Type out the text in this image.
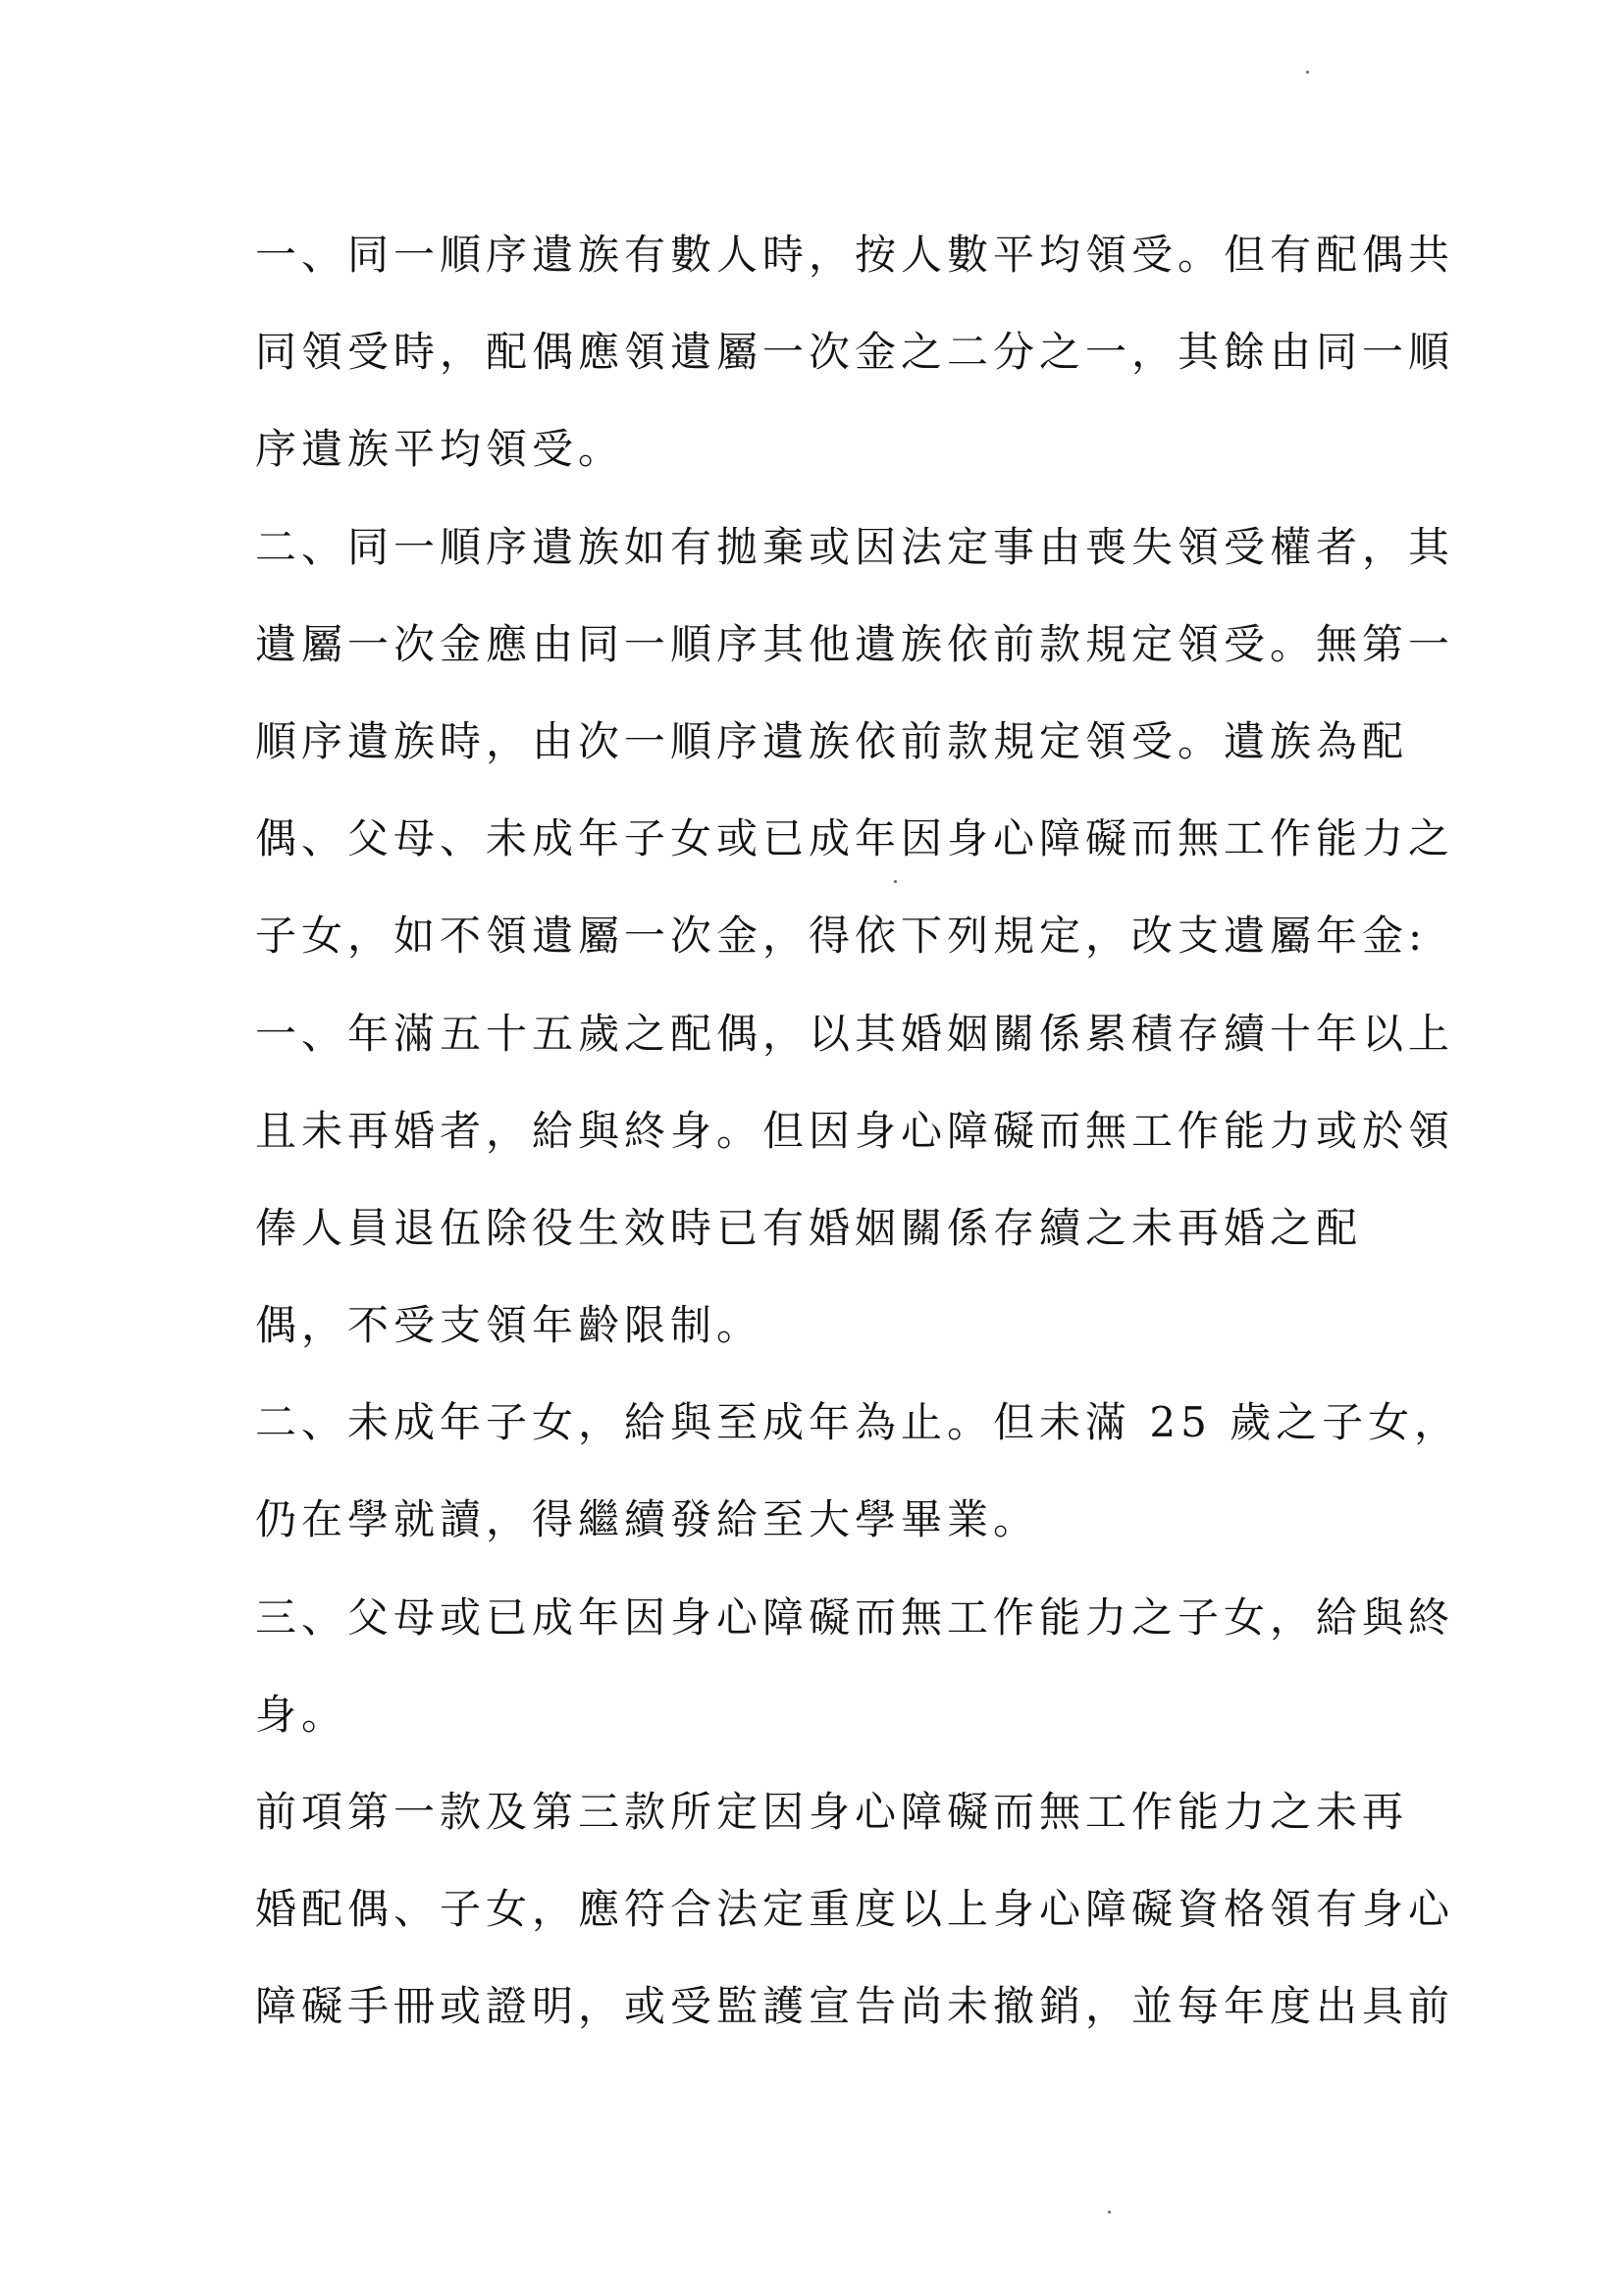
一、同一順序遺族有數人時，按人數平均領受。但有配偶共
同領受時，配偶應領遺屬一次金之二分之一，其餘由同一順
序遺族平均領受。
二、同一順序遺族如有拋棄或因法定事由喪失領受權者，其
遺屬一次金應由同一順序其他遺族依前款規定領受。無第一
順序遺族時，由次一順序遺族依前款規定領受。遺族為配
偶、父母、未成年子女或已成年因身心障礙而無工作能力之
子女，如不領遺屬一次金，得依下列規定，改支遺屬年金:
一、年滿五十五歲之配偶，以其婚姻關係累積存續十年以上
且未再婚者，給與終身。但因身心障礙而無工作能力或於領
俸人員退伍除役生效時已有婚姻關係存續之未再婚之配
偶，不受支領年齡限制。
二、未成年子女，給與至成年為止。但未滿 25 歲之子女，
仍在學就讀，得繼續發給至大學畢業。
三、父母或已成年因身心障礙而無工作能力之子女，給與終
身。
前項第一款及第三款所定因身心障礙而無工作能力之未再
婚配偶、子女，應符合法定重度以上身心障礙資格領有身心
障礙手冊或證明，或受監護宣告尚未撤銷，並每年度出具前
